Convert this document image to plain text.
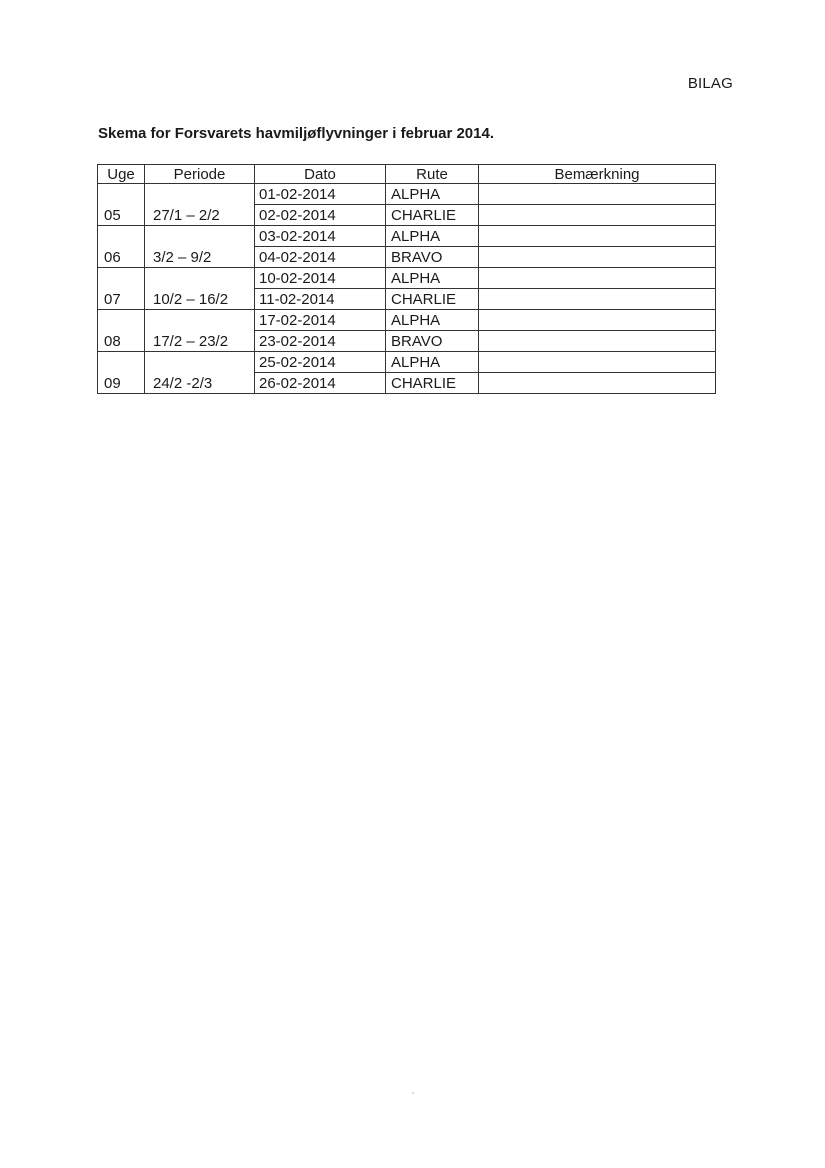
BILAG
Skema for Forsvarets havmiljøflyvninger i februar 2014.
Uge	Periode	Dato	Rute	Bemærkning
05	27/1 – 2/2	01-02-2014	ALPHA	
		02-02-2014	CHARLIE	
06	3/2 – 9/2	03-02-2014	ALPHA	
		04-02-2014	BRAVO	
07	10/2 – 16/2	10-02-2014	ALPHA	
		11-02-2014	CHARLIE	
08	17/2 – 23/2	17-02-2014	ALPHA	
		23-02-2014	BRAVO	
09	24/2 -2/3	25-02-2014	ALPHA	
		26-02-2014	CHARLIE	
